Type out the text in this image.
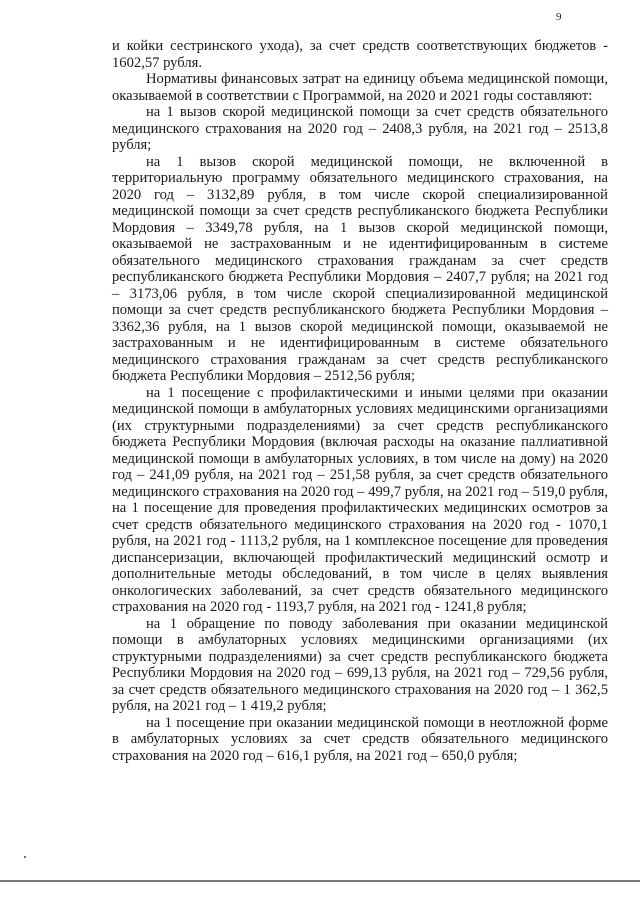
9

и койки сестринского ухода), за счет средств соответствующих бюджетов - 1602,57 рубля.

Нормативы финансовых затрат на единицу объема медицинской помощи, оказываемой в соответствии с Программой, на 2020 и 2021 годы составляют:

на 1 вызов скорой медицинской помощи за счет средств обязательного медицинского страхования на 2020 год – 2408,3 рубля, на 2021 год – 2513,8 рубля;

на 1 вызов скорой медицинской помощи, не включенной в территориальную программу обязательного медицинского страхования, на 2020 год – 3132,89 рубля, в том числе скорой специализированной медицинской помощи за счет средств республиканского бюджета Республики Мордовия – 3349,78 рубля, на 1 вызов скорой медицинской помощи, оказываемой не застрахованным и не идентифицированным в системе обязательного медицинского страхования гражданам за счет средств республиканского бюджета Республики Мордовия – 2407,7 рубля; на 2021 год – 3173,06 рубля, в том числе скорой специализированной медицинской помощи за счет средств республиканского бюджета Республики Мордовия – 3362,36 рубля, на 1 вызов скорой медицинской помощи, оказываемой не застрахованным и не идентифицированным в системе обязательного медицинского страхования гражданам за счет средств республиканского бюджета Республики Мордовия – 2512,56 рубля;

на 1 посещение с профилактическими и иными целями при оказании медицинской помощи в амбулаторных условиях медицинскими организациями (их структурными подразделениями) за счет средств республиканского бюджета Республики Мордовия (включая расходы на оказание паллиативной медицинской помощи в амбулаторных условиях, в том числе на дому) на 2020 год – 241,09 рубля, на 2021 год – 251,58 рубля, за счет средств обязательного медицинского страхования на 2020 год – 499,7 рубля, на 2021 год – 519,0 рубля, на 1 посещение для проведения профилактических медицинских осмотров за счет средств обязательного медицинского страхования на 2020 год - 1070,1 рубля, на 2021 год - 1113,2 рубля, на 1 комплексное посещение для проведения диспансеризации, включающей профилактический медицинский осмотр и дополнительные методы обследований, в том числе в целях выявления онкологических заболеваний, за счет средств обязательного медицинского страхования на 2020 год - 1193,7 рубля, на 2021 год - 1241,8 рубля;

на 1 обращение по поводу заболевания при оказании медицинской помощи в амбулаторных условиях медицинскими организациями (их структурными подразделениями) за счет средств республиканского бюджета Республики Мордовия на 2020 год – 699,13 рубля, на 2021 год – 729,56 рубля, за счет средств обязательного медицинского страхования на 2020 год – 1 362,5 рубля, на 2021 год – 1 419,2 рубля;

на 1 посещение при оказании медицинской помощи в неотложной форме в амбулаторных условиях за счет средств обязательного медицинского страхования на 2020 год – 616,1 рубля, на 2021 год – 650,0 рубля;
